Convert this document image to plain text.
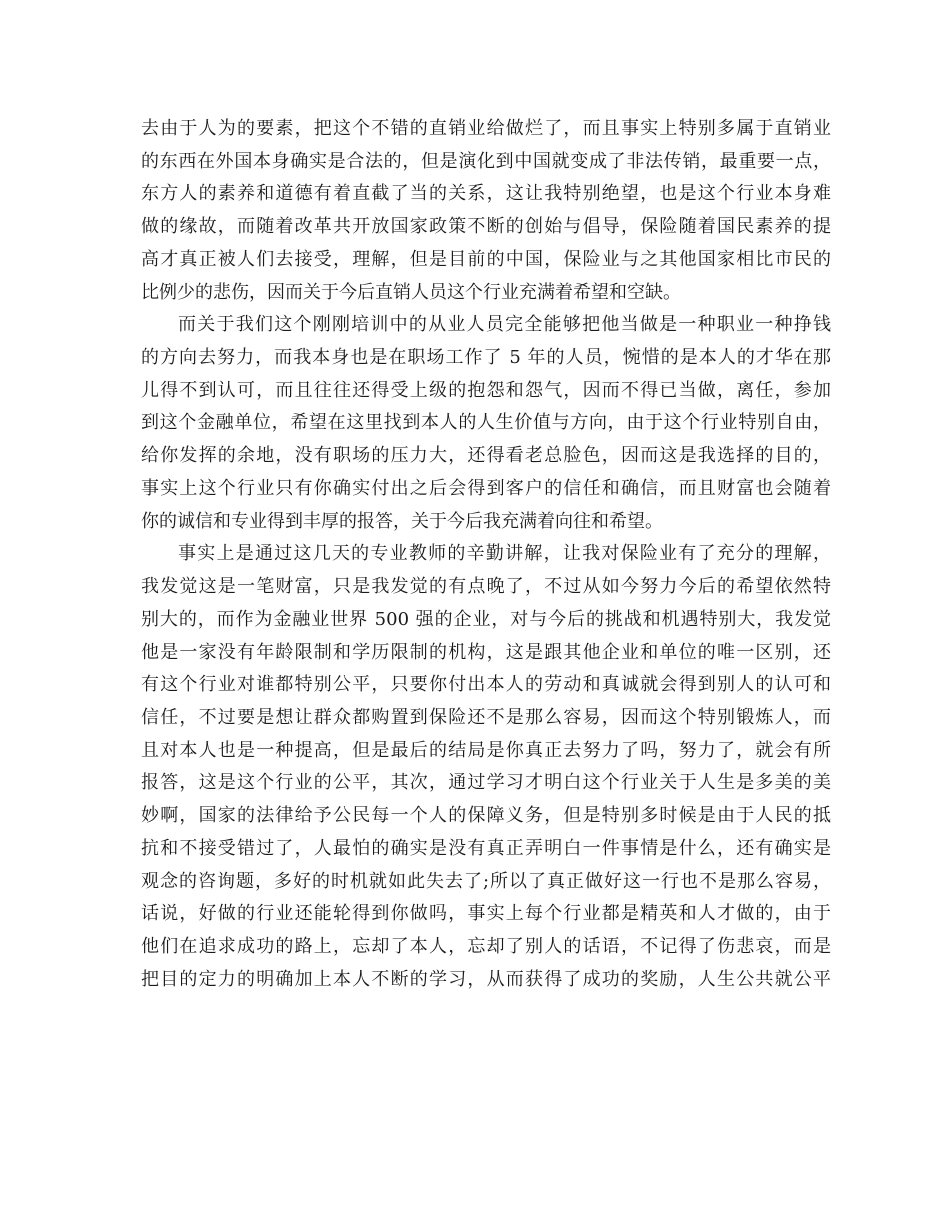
去由于人为的要素，把这个不错的直销业给做烂了，而且事实上特别多属于直销业
的东西在外国本身确实是合法的，但是演化到中国就变成了非法传销，最重要一点，
东方人的素养和道德有着直截了当的关系，这让我特别绝望，也是这个行业本身难
做的缘故，而随着改革共开放国家政策不断的创始与倡导，保险随着国民素养的提
高才真正被人们去接受，理解，但是目前的中国，保险业与之其他国家相比市民的
比例少的悲伤，因而关于今后直销人员这个行业充满着希望和空缺。
而关于我们这个刚刚培训中的从业人员完全能够把他当做是一种职业一种挣钱
的方向去努力，而我本身也是在职场工作了 5 年的人员，惋惜的是本人的才华在那
儿得不到认可，而且往往还得受上级的抱怨和怨气，因而不得已当做，离任，参加
到这个金融单位，希望在这里找到本人的人生价值与方向，由于这个行业特别自由，
给你发挥的余地，没有职场的压力大，还得看老总脸色，因而这是我选择的目的，
事实上这个行业只有你确实付出之后会得到客户的信任和确信，而且财富也会随着
你的诚信和专业得到丰厚的报答，关于今后我充满着向往和希望。
事实上是通过这几天的专业教师的辛勤讲解，让我对保险业有了充分的理解，
我发觉这是一笔财富，只是我发觉的有点晚了，不过从如今努力今后的希望依然特
别大的，而作为金融业世界 500 强的企业，对与今后的挑战和机遇特别大，我发觉
他是一家没有年龄限制和学历限制的机构，这是跟其他企业和单位的唯一区别，还
有这个行业对谁都特别公平，只要你付出本人的劳动和真诚就会得到别人的认可和
信任，不过要是想让群众都购置到保险还不是那么容易，因而这个特别锻炼人，而
且对本人也是一种提高，但是最后的结局是你真正去努力了吗，努力了，就会有所
报答，这是这个行业的公平，其次，通过学习才明白这个行业关于人生是多美的美
妙啊，国家的法律给予公民每一个人的保障义务，但是特别多时候是由于人民的抵
抗和不接受错过了，人最怕的确实是没有真正弄明白一件事情是什么，还有确实是
观念的咨询题，多好的时机就如此失去了;所以了真正做好这一行也不是那么容易，
话说，好做的行业还能轮得到你做吗，事实上每个行业都是精英和人才做的，由于
他们在追求成功的路上，忘却了本人，忘却了别人的话语，不记得了伤悲哀，而是
把目的定力的明确加上本人不断的学习，从而获得了成功的奖励，人生公共就公平
